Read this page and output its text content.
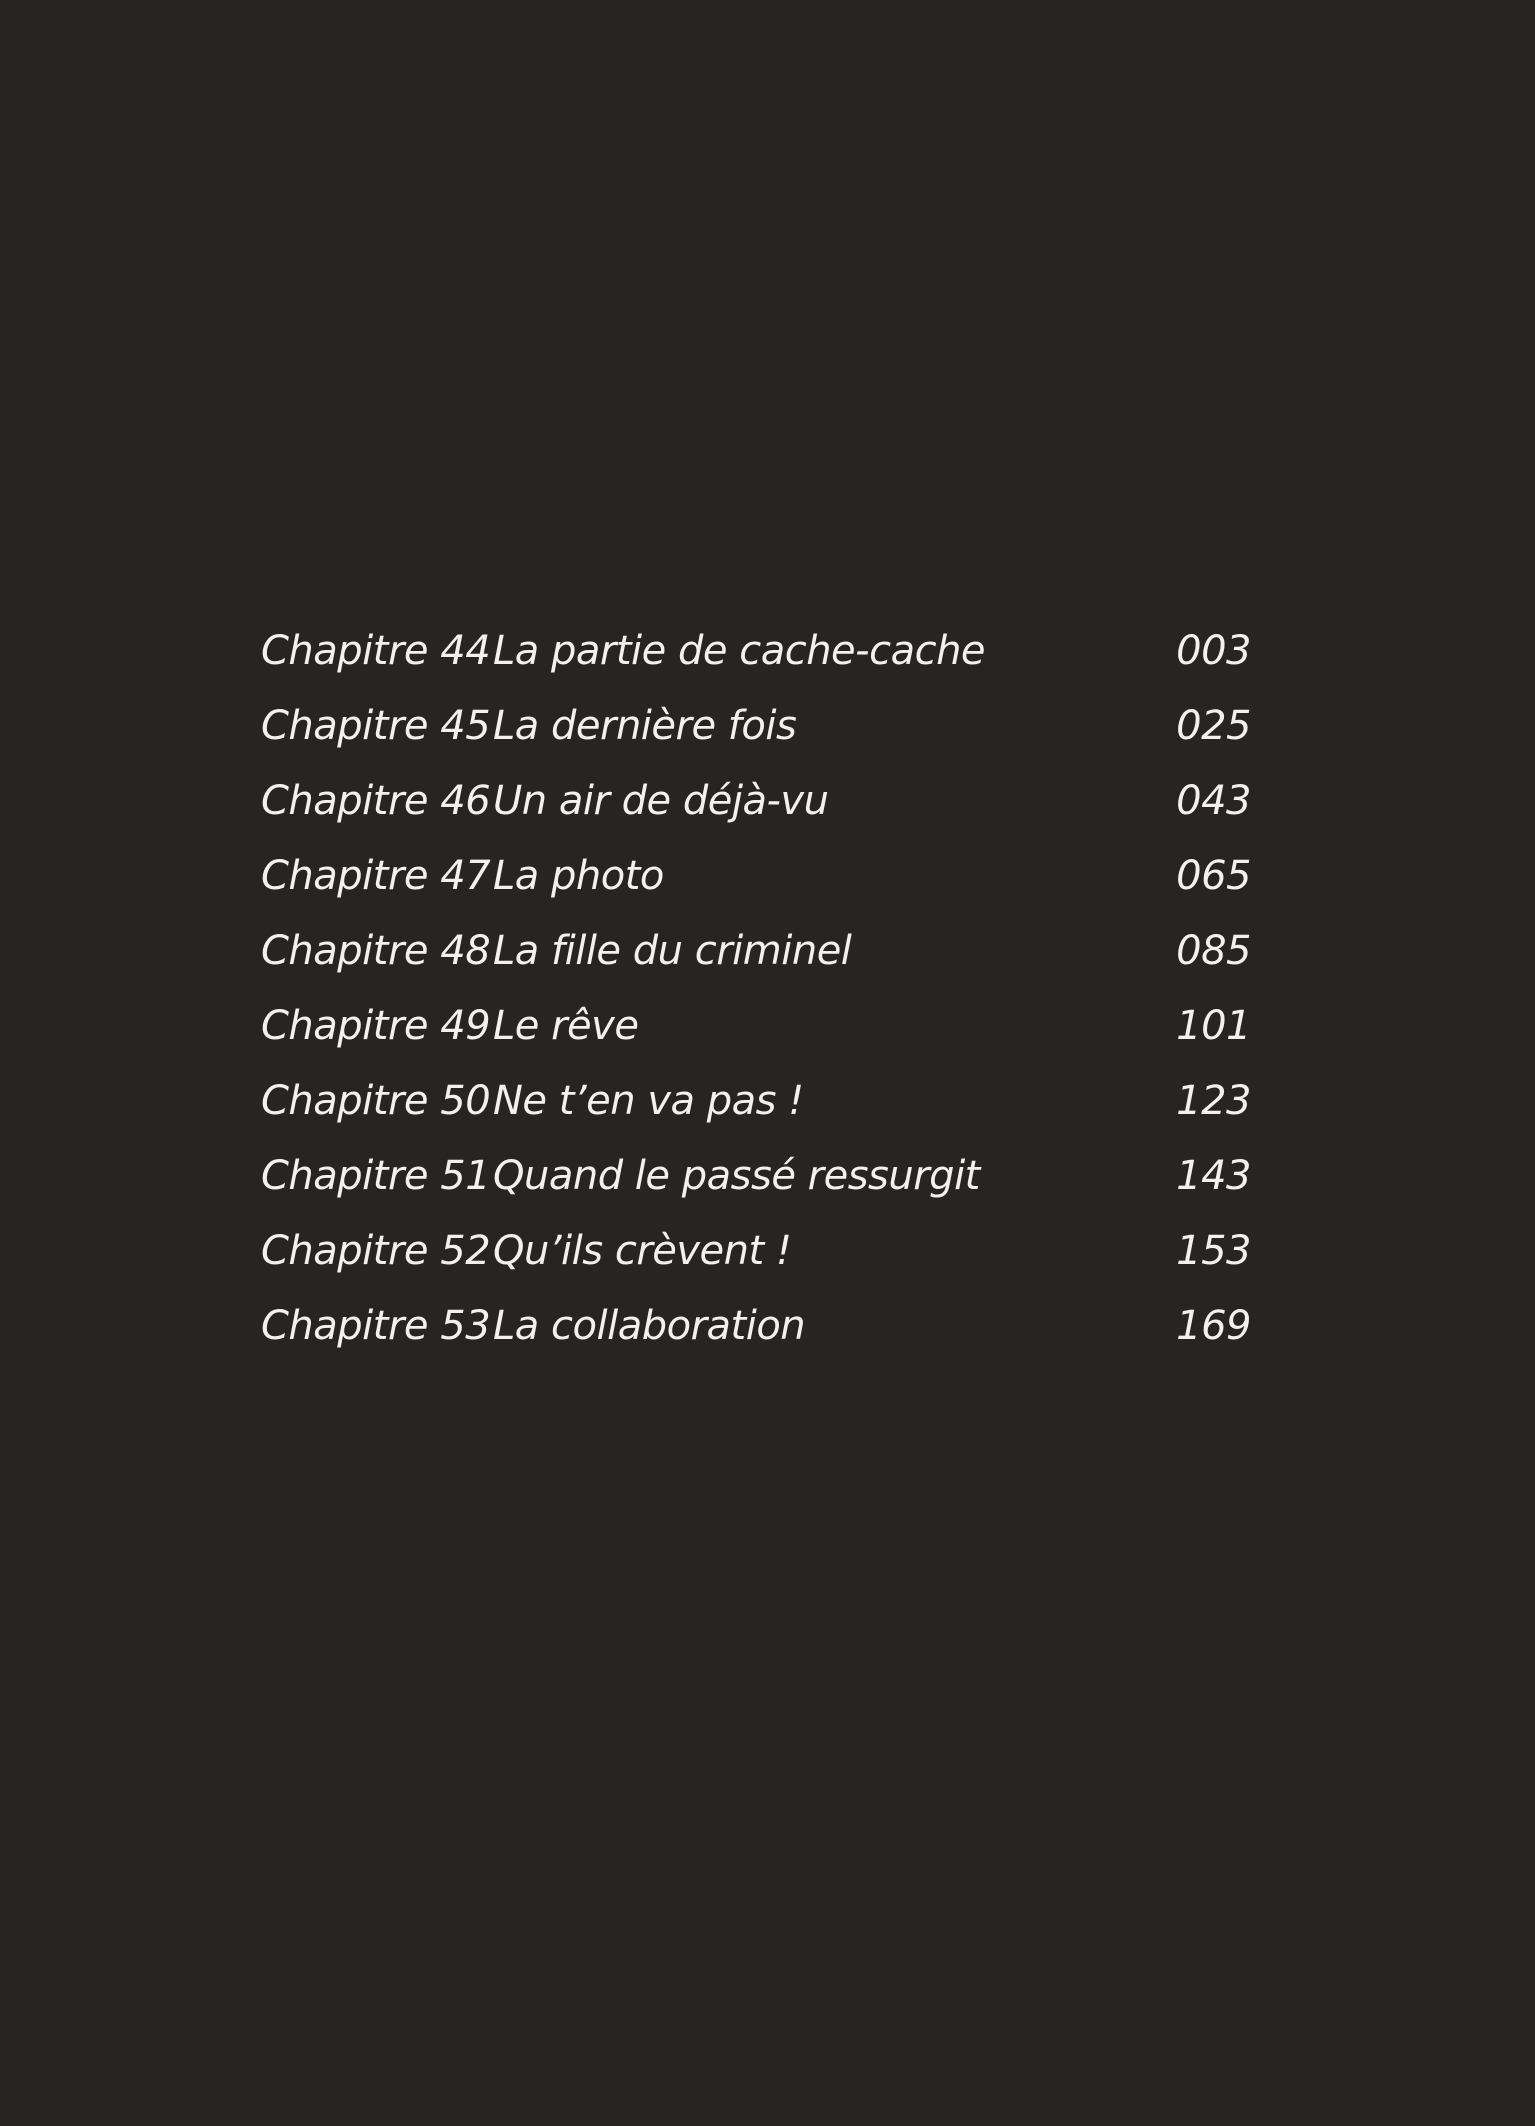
Chapitre 44 La partie de cache-cache	003
Chapitre 45 La dernière fois	025
Chapitre 46 Un air de déjà-vu	043
Chapitre 47 La photo	065
Chapitre 48 La fille du criminel	085
Chapitre 49 Le rêve	101
Chapitre 50 Ne t’en va pas !	123
Chapitre 51 Quand le passé ressurgit	143
Chapitre 52 Qu’ils crèvent !	153
Chapitre 53 La collaboration	169
